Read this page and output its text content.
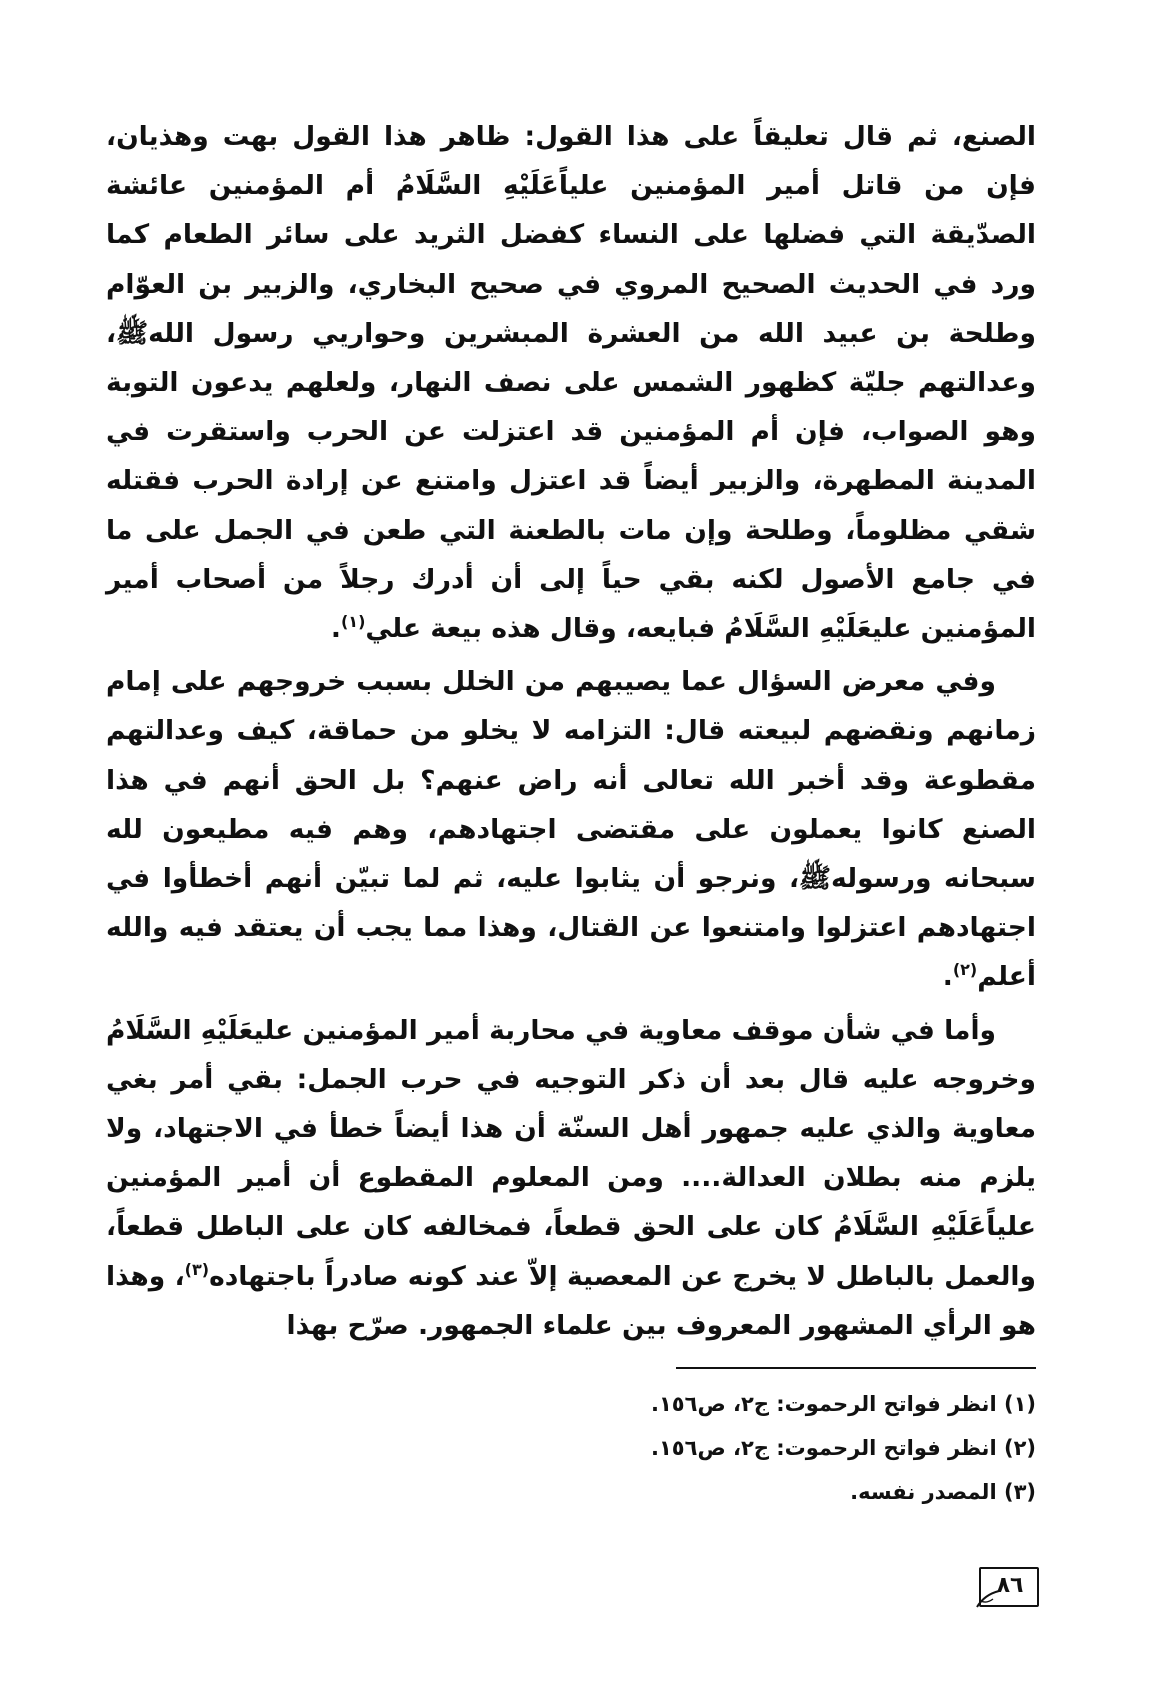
الصنع، ثم قال تعليقاً على هذا القول: ظاهر هذا القول بهت وهذيان، فإن من قاتل أمير المؤمنين علياًعَلَيْهِ السَّلَامُ أم المؤمنين عائشة الصدّيقة التي فضلها على النساء كفضل الثريد على سائر الطعام كما ورد في الحديث الصحيح المروي في صحيح البخاري، والزبير بن العوّام وطلحة بن عبيد الله من العشرة المبشرين وحواريي رسول اللهﷺ، وعدالتهم جليّة كظهور الشمس على نصف النهار، ولعلهم يدعون التوبة وهو الصواب، فإن أم المؤمنين قد اعتزلت عن الحرب واستقرت في المدينة المطهرة، والزبير أيضاً قد اعتزل وامتنع عن إرادة الحرب فقتله شقي مظلوماً، وطلحة وإن مات بالطعنة التي طعن في الجمل على ما في جامع الأصول لكنه بقي حياً إلى أن أدرك رجلاً من أصحاب أمير المؤمنين عليعَلَيْهِ السَّلَامُ فبايعه، وقال هذه بيعة علي$^{(١)}$.

وفي معرض السؤال عما يصيبهم من الخلل بسبب خروجهم على إمام زمانهم ونقضهم لبيعته قال: التزامه لا يخلو من حماقة، كيف وعدالتهم مقطوعة وقد أخبر الله تعالى أنه راض عنهم؟ بل الحق أنهم في هذا الصنع كانوا يعملون على مقتضى اجتهادهم، وهم فيه مطيعون لله سبحانه ورسولهﷺ، ونرجو أن يثابوا عليه، ثم لما تبيّن أنهم أخطأوا في اجتهادهم اعتزلوا وامتنعوا عن القتال، وهذا مما يجب أن يعتقد فيه والله أعلم$^{(٢)}$.

وأما في شأن موقف معاوية في محاربة أمير المؤمنين عليعَلَيْهِ السَّلَامُ وخروجه عليه قال بعد أن ذكر التوجيه في حرب الجمل: بقي أمر بغي معاوية والذي عليه جمهور أهل السنّة أن هذا أيضاً خطأ في الاجتهاد، ولا يلزم منه بطلان العدالة.... ومن المعلوم المقطوع أن أمير المؤمنين علياًعَلَيْهِ السَّلَامُ كان على الحق قطعاً، فمخالفه كان على الباطل قطعاً، والعمل بالباطل لا يخرج عن المعصية إلاّ عند كونه صادراً باجتهاده$^{(٣)}$، وهذا هو الرأي المشهور المعروف بين علماء الجمهور. صرّح بهذا

(١) انظر فواتح الرحموت: ج٢، ص١٥٦.
(٢) انظر فواتح الرحموت: ج٢، ص١٥٦.
(٣) المصدر نفسه.
٨٦
